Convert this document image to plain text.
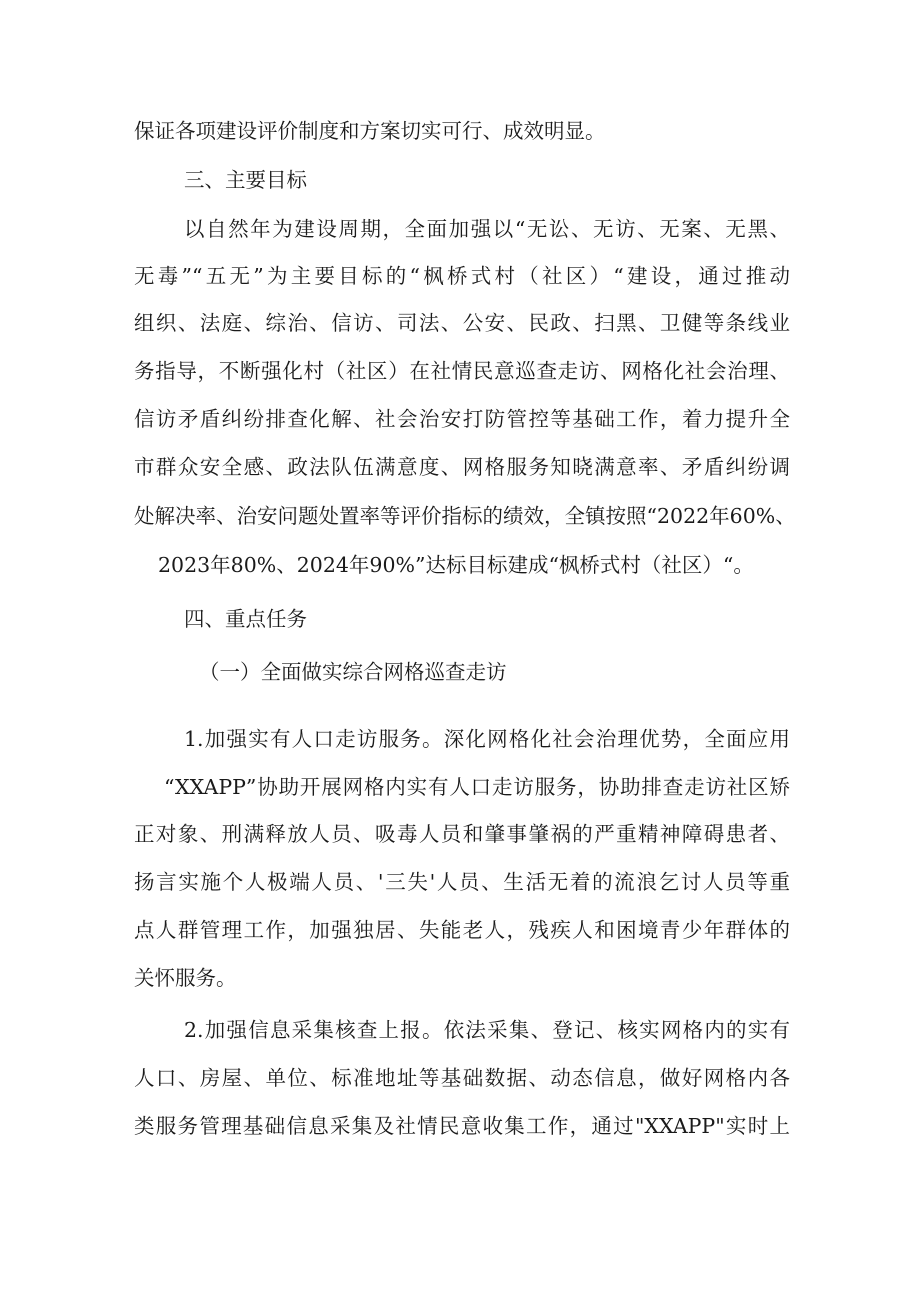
保证各项建设评价制度和方案切实可行、成效明显。
三、主要目标
以自然年为建设周期，全面加强以“无讼、无访、无案、无黑、
无毒”“五无”为主要目标的“枫桥式村（社区）“建设，通过推动
组织、法庭、综治、信访、司法、公安、民政、扫黑、卫健等条线业
务指导，不断强化村（社区）在社情民意巡查走访、网格化社会治理、
信访矛盾纠纷排查化解、社会治安打防管控等基础工作，着力提升全
市群众安全感、政法队伍满意度、网格服务知晓满意率、矛盾纠纷调
处解决率、治安问题处置率等评价指标的绩效，全镇按照“2022年60%、
2023年80%、2024年90%”达标目标建成“枫桥式村（社区）“。
四、重点任务
（一）全面做实综合网格巡查走访
1.加强实有人口走访服务。深化网格化社会治理优势，全面应用
“XXAPP”协助开展网格内实有人口走访服务，协助排查走访社区矫
正对象、刑满释放人员、吸毒人员和肇事肇祸的严重精神障碍患者、
扬言实施个人极端人员、'三失'人员、生活无着的流浪乞讨人员等重
点人群管理工作，加强独居、失能老人，残疾人和困境青少年群体的
关怀服务。
2.加强信息采集核查上报。依法采集、登记、核实网格内的实有
人口、房屋、单位、标准地址等基础数据、动态信息，做好网格内各
类服务管理基础信息采集及社情民意收集工作，通过"XXAPP"实时上
